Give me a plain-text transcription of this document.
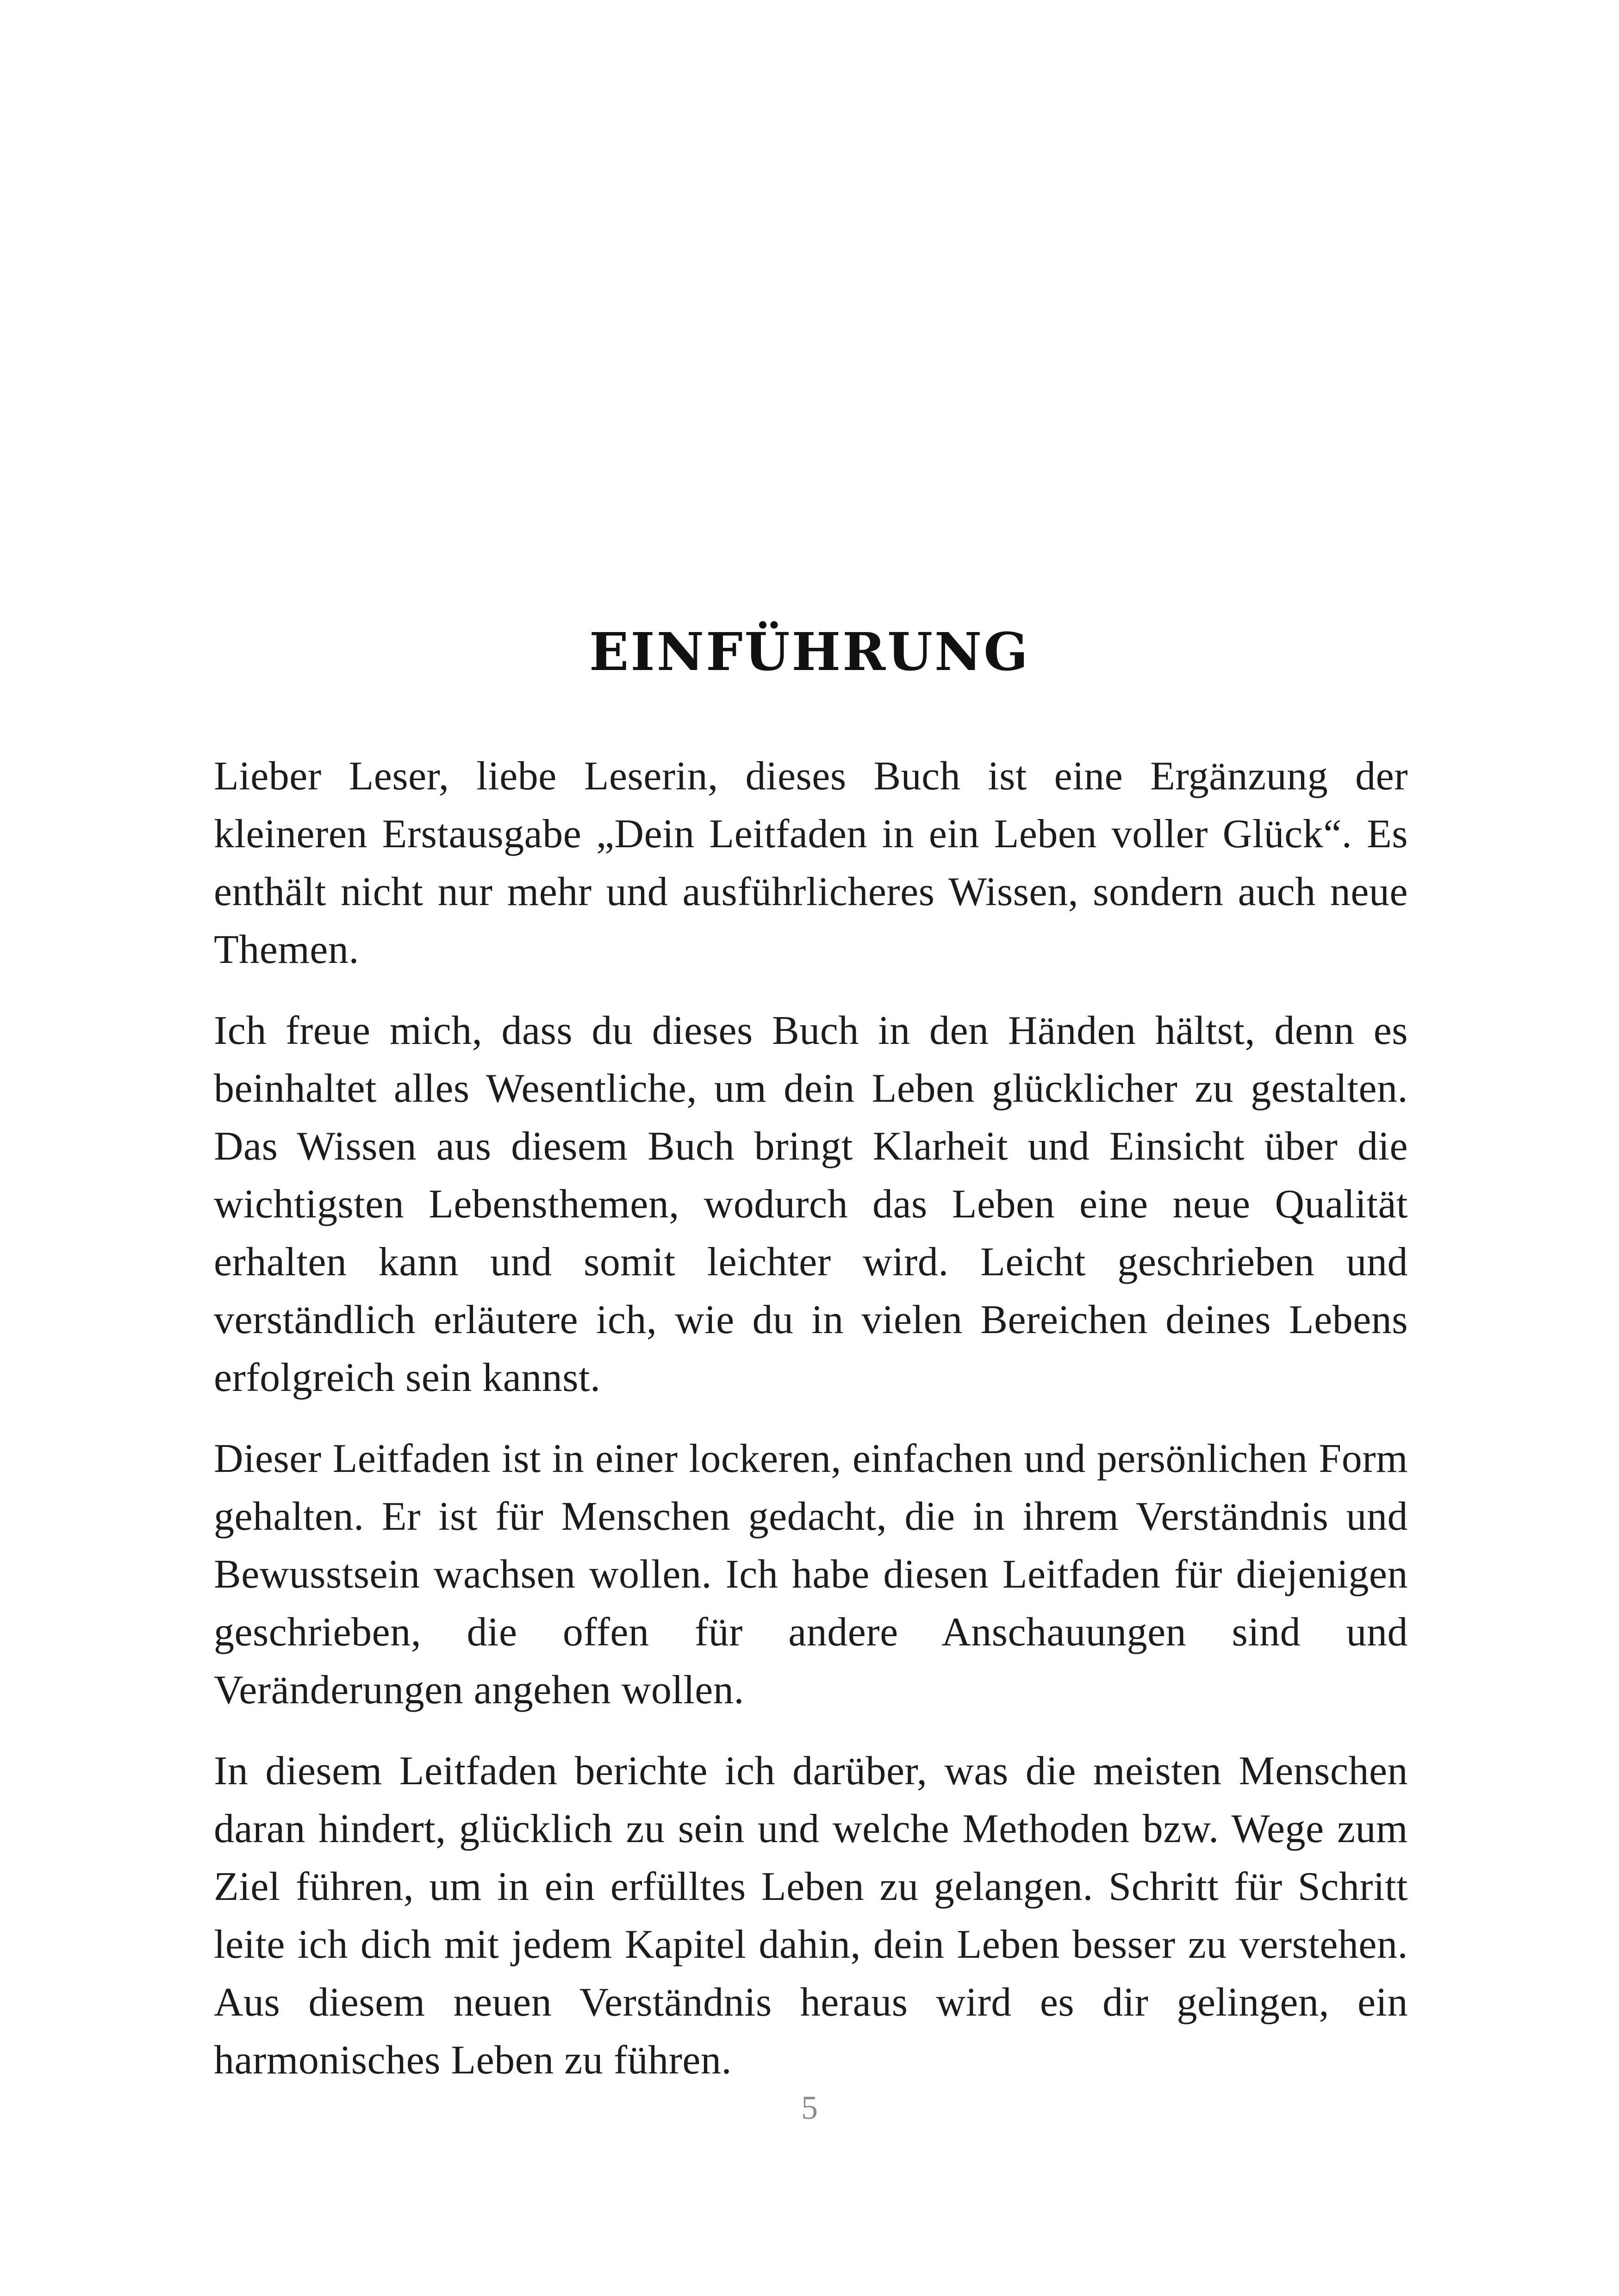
EINFÜHRUNG

Lieber Leser, liebe Leserin, dieses Buch ist eine Ergänzung der kleineren Erstausgabe „Dein Leitfaden in ein Leben voller Glück“. Es enthält nicht nur mehr und ausführlicheres Wissen, sondern auch neue Themen.

Ich freue mich, dass du dieses Buch in den Händen hältst, denn es beinhaltet alles Wesentliche, um dein Leben glücklicher zu gestalten. Das Wissen aus diesem Buch bringt Klarheit und Einsicht über die wichtigsten Lebensthemen, wodurch das Leben eine neue Qualität erhalten kann und somit leichter wird. Leicht geschrieben und verständlich erläutere ich, wie du in vielen Bereichen deines Lebens erfolgreich sein kannst.

Dieser Leitfaden ist in einer lockeren, einfachen und persönlichen Form gehalten. Er ist für Menschen gedacht, die in ihrem Verständnis und Bewusstsein wachsen wollen. Ich habe diesen Leitfaden für diejenigen geschrieben, die offen für andere Anschauungen sind und Veränderungen angehen wollen.

In diesem Leitfaden berichte ich darüber, was die meisten Menschen daran hindert, glücklich zu sein und welche Methoden bzw. Wege zum Ziel führen, um in ein erfülltes Leben zu gelangen. Schritt für Schritt leite ich dich mit jedem Kapitel dahin, dein Leben besser zu verstehen. Aus diesem neuen Verständnis heraus wird es dir gelingen, ein harmonisches Leben zu führen.

5
